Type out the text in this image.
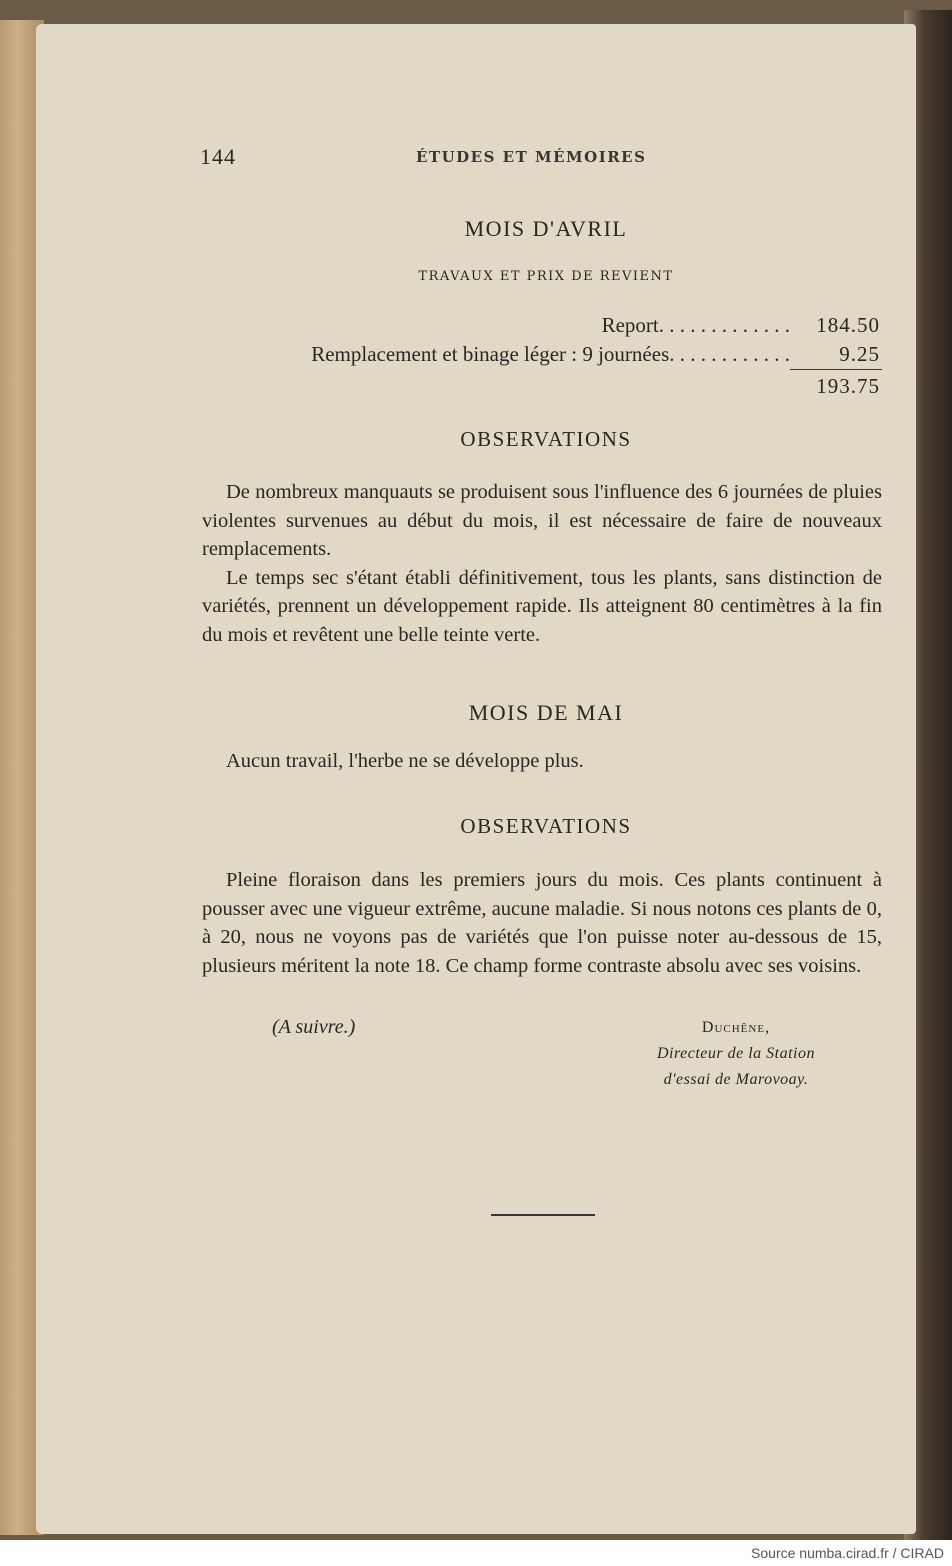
144	ÉTUDES ET MÉMOIRES
MOIS D'AVRIL
TRAVAUX ET PRIX DE REVIENT
Report. . . . . . . . . . . . . 184.50
Remplacement et binage léger : 9 journées. . . . . . . . . . . . 9.25
193.75
OBSERVATIONS

De nombreux manquauts se produisent sous l'influence des 6 journées de pluies violentes survenues au début du mois, il est nécessaire de faire de nouveaux remplacements.

Le temps sec s'étant établi définitivement, tous les plants, sans distinction de variétés, prennent un développement rapide. Ils atteignent 80 centimètres à la fin du mois et revêtent une belle teinte verte.

MOIS DE MAI

Aucun travail, l'herbe ne se développe plus.

OBSERVATIONS

Pleine floraison dans les premiers jours du mois. Ces plants continuent à pousser avec une vigueur extrême, aucune maladie. Si nous notons ces plants de 0, à 20, nous ne voyons pas de variétés que l'on puisse noter au-dessous de 15, plusieurs méritent la note 18. Ce champ forme contraste absolu avec ses voisins.

(A suivre.)	Duchêne,
Directeur de la Station
d'essai de Marovoay.
Source numba.cirad.fr / CIRAD
